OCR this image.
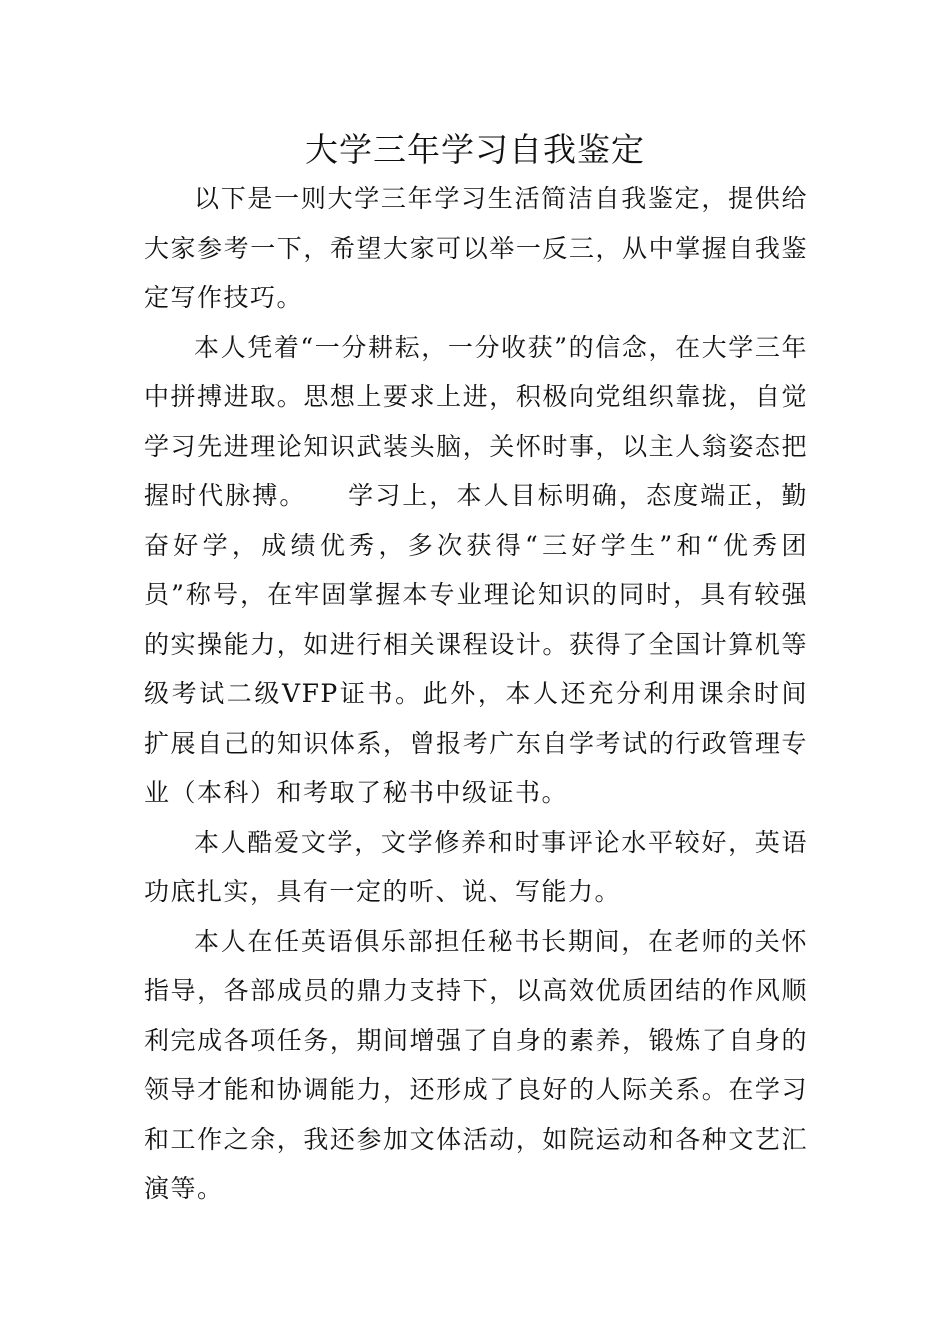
大学三年学习自我鉴定

以下是一则大学三年学习生活简洁自我鉴定，提供给大家参考一下，希望大家可以举一反三，从中掌握自我鉴定写作技巧。

本人凭着“一分耕耘，一分收获”的信念，在大学三年中拼搏进取。思想上要求上进，积极向党组织靠拢，自觉学习先进理论知识武装头脑，关怀时事，以主人翁姿态把握时代脉搏。　　学习上，本人目标明确，态度端正，勤奋好学，成绩优秀，多次获得“三好学生”和“优秀团员”称号，在牢固掌握本专业理论知识的同时，具有较强的实操能力，如进行相关课程设计。获得了全国计算机等级考试二级VFP证书。此外，本人还充分利用课余时间扩展自己的知识体系，曾报考广东自学考试的行政管理专业（本科）和考取了秘书中级证书。

本人酷爱文学，文学修养和时事评论水平较好，英语功底扎实，具有一定的听、说、写能力。

本人在任英语俱乐部担任秘书长期间，在老师的关怀指导，各部成员的鼎力支持下，以高效优质团结的作风顺利完成各项任务，期间增强了自身的素养，锻炼了自身的领导才能和协调能力，还形成了良好的人际关系。在学习和工作之余，我还参加文体活动，如院运动和各种文艺汇演等。
